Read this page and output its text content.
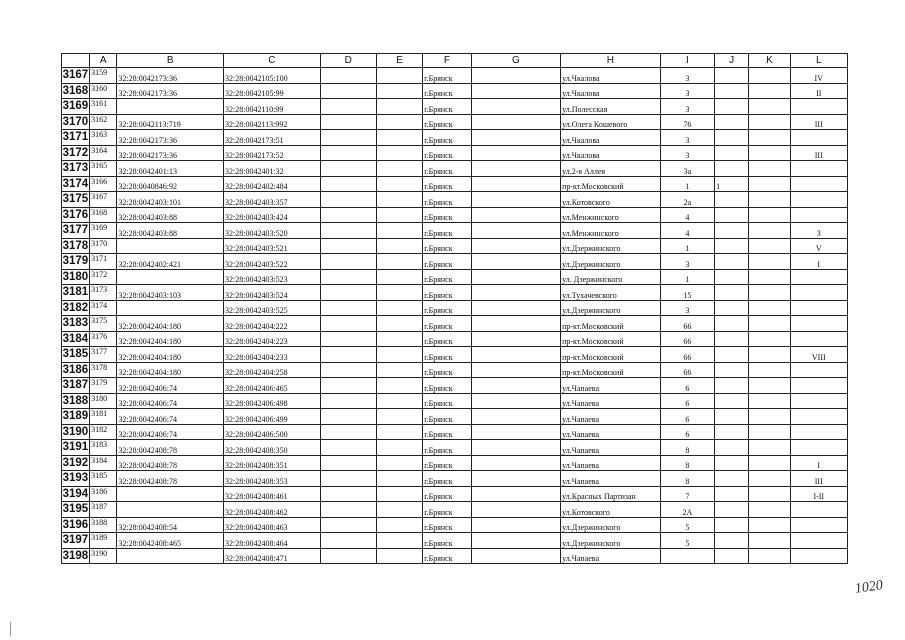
	A	B	C	D	E	F	G	H	I	J	K	L
3167	3159	32:28:0042173:36	32:28:0042105:100			г.Брянск		ул.Чкалова	3			IV
3168	3160	32:28:0042173:36	32:28:0042105:99			г.Брянск		ул.Чкалова	3			II
3169	3161		32:28:0042110:99			г.Брянск		ул.Полесская	3			
3170	3162	32:28:0042113:719	32:28:0042113:992			г.Брянск		ул.Олега Кошевого	76			III
3171	3163	32:28:0042173:36	32:28:0042173:51			г.Брянск		ул.Чкалова	3			
3172	3164	32:28:0042173:36	32:28:0042173:52			г.Брянск		ул.Чкалова	3			III
3173	3165	32:28:0042401:13	32:28:0042401:32			г.Брянск		ул.2-я Аллея	3а			
3174	3166	32:28:0040846:92	32:28:0042402:484			г.Брянск		пр-кт.Московский	1	1		
3175	3167	32:28:0042403:101	32:28:0042403:357			г.Брянск		ул.Котовского	2а			
3176	3168	32:28:0042403:88	32:28:0042403:424			г.Брянск		ул.Менжинского	4			
3177	3169	32:28:0042403:88	32:28:0042403:520			г.Брянск		ул.Менжинского	4			3
3178	3170		32:28:0042403:521			г.Брянск		ул.Дзержинского	1			V
3179	3171	32:28:0042402:421	32:28:0042403:522			г.Брянск		ул.Дзержинского	3			I
3180	3172		32:28:0042403:523			г.Брянск		ул. Дзержинского	1			
3181	3173	32:28:0042403:103	32:28:0042403:524			г.Брянск		ул.Тухачевского	15			
3182	3174		32:28:0042403:525			г.Брянск		ул.Дзержинского	3			
3183	3175	32:28:0042404:180	32:28:0042404:222			г.Брянск		пр-кт.Московский	66			
3184	3176	32:28:0042404:180	32:28:0042404:223			г.Брянск		пр-кт.Московский	66			
3185	3177	32:28:0042404:180	32:28:0042404:233			г.Брянск		пр-кт.Московский	66			VIII
3186	3178	32:28:0042404:180	32:28:0042404:258			г.Брянск		пр-кт.Московский	66			
3187	3179	32:28:0042406:74	32:28:0042406:465			г.Брянск		ул.Чапаева	6			
3188	3180	32:28:0042406:74	32:28:0042406:498			г.Брянск		ул.Чапаева	6			
3189	3181	32:28:0042406:74	32:28:0042406:499			г.Брянск		ул.Чапаева	6			
3190	3182	32:28:0042406:74	32:28:0042406:500			г.Брянск		ул.Чапаева	6			
3191	3183	32:28:0042408:78	32:28:0042408:350			г.Брянск		ул.Чапаева	8			
3192	3184	32:28:0042408:78	32:28:0042408:351			г.Брянск		ул.Чапаева	8			I
3193	3185	32:28:0042408:78	32:28:0042408:353			г.Брянск		ул.Чапаева	8			III
3194	3186		32:28:0042408:461			г.Брянск		ул.Красных Партизан	7			I-II
3195	3187		32:28:0042408:462			г.Брянск		ул.Котовского	2А			
3196	3188	32:28:0042408:54	32:28:0042408:463			г.Брянск		ул.Дзержинского	5			
3197	3189	32:28:0042408:465	32:28:0042408:464			г.Брянск		ул.Дзержинского	5			
3198	3190		32:28:0042408:471			г.Брянск		ул.Чапаева				
1020
